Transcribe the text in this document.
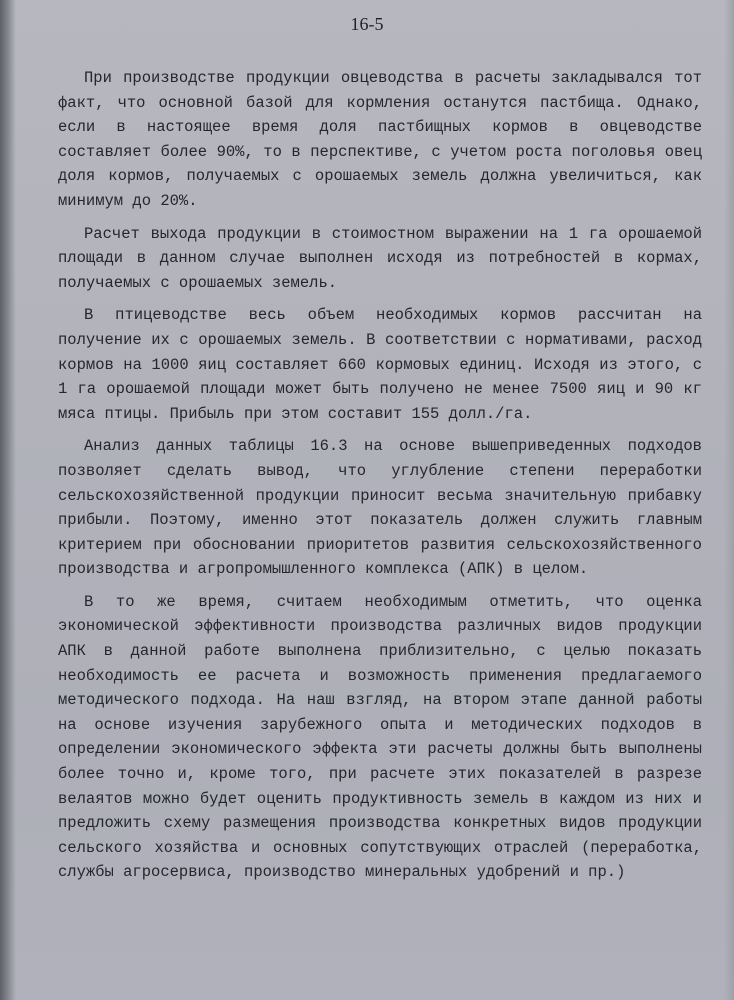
16-5
При производстве продукции овцеводства в расчеты закладывался тот
факт, что основной базой для кормления останутся пастбища. Однако,
если в настоящее время доля пастбищных кормов в овцеводстве
составляет более 90%, то в перспективе, с учетом роста поголовья овец
доля кормов, получаемых с орошаемых земель должна увеличиться, как
минимум до 20%.
Расчет выхода продукции в стоимостном выражении на 1 га орошаемой
площади в данном случае выполнен исходя из потребностей в кормах,
получаемых с орошаемых земель.
В птицеводстве весь объем необходимых кормов рассчитан на
получение их с орошаемых земель. В соответствии с нормативами, расход
кормов на 1000 яиц составляет 660 кормовых единиц. Исходя из этого, с
1 га орошаемой площади может быть получено не менее 7500 яиц и 90 кг
мяса птицы. Прибыль при этом составит 155 долл./га.
Анализ данных таблицы 16.3 на основе вышеприведенных подходов
позволяет сделать вывод, что углубление степени переработки
сельскохозяйственной продукции приносит весьма значительную прибавку
прибыли. Поэтому, именно этот показатель должен служить главным
критерием при обосновании приоритетов развития сельскохозяйственного
производства и агропромышленного комплекса (АПК) в целом.
В то же время, считаем необходимым отметить, что оценка
экономической эффективности производства различных видов продукции
АПК в данной работе выполнена приблизительно, с целью показать
необходимость ее расчета и возможность применения предлагаемого
методического подхода. На наш взгляд, на втором этапе данной работы
на основе изучения зарубежного опыта и методических подходов в
определении экономического эффекта эти расчеты должны быть выполнены
более точно и, кроме того, при расчете этих показателей в разрезе
велаятов можно будет оценить продуктивность земель в каждом из них и
предложить схему размещения производства конкретных видов продукции
сельского хозяйства и основных сопутствующих отраслей (переработка,
службы агросервиса, производство минеральных удобрений и пр.)
